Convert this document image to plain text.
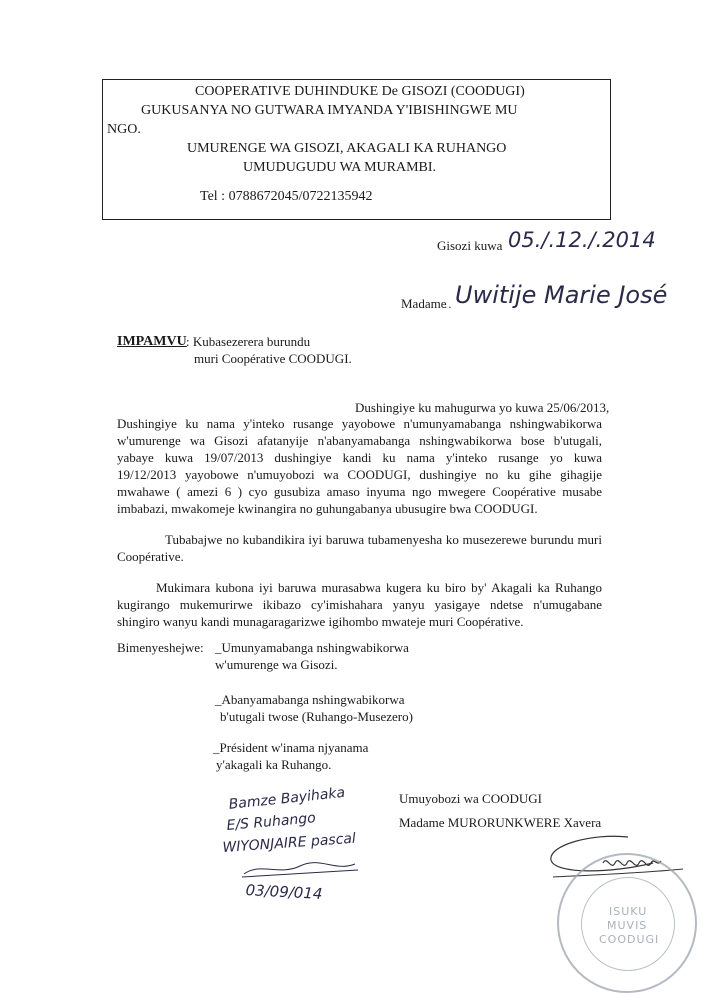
COOPERATIVE DUHINDUKE De GISOZI (COODUGI)
GUKUSANYA NO GUTWARA IMYANDA Y'IBISHINGWE MU
NGO.
UMURENGE WA GISOZI, AKAGALI KA RUHANGO
UMUDUGUDU WA MURAMBI.
Tel : 0788672045/0722135942
Gisozi kuwa 05./.12./.2014
Madame
.. Uwitije Marie José
IMPAMVU : Kubasezerera burundu
muri Coopérative COODUGI.
Dushingiye ku mahugurwa yo kuwa 25/06/2013,
Dushingiye ku nama y'inteko rusange yayobowe n'umunyamabanga nshingwabikorwa
w'umurenge wa Gisozi afatanyije n'abanyamabanga nshingwabikorwa bose b'utugali,
yabaye kuwa 19/07/2013 dushingiye kandi ku nama y'inteko rusange yo kuwa
19/12/2013 yayobowe n'umuyobozi wa COODUGI, dushingiye no ku gihe gihagije
mwahawe ( amezi 6 ) cyo gusubiza amaso inyuma ngo mwegere Coopérative musabe
imbabazi, mwakomeje kwinangira no guhungabanya ubusugire bwa COODUGI.
Tubabajwe no kubandikira iyi baruwa tubamenyesha ko musezerewe burundu muri
Coopérative.
Mukimara kubona iyi baruwa murasabwa kugera ku biro by' Akagali ka Ruhango
kugirango mukemurirwe ikibazo cy'imishahara yanyu yasigaye ndetse n'umugabane
shingiro wanyu kandi munagaragarizwe igihombo mwateje muri Coopérative.
Bimenyeshejwe: _Umunyamabanga nshingwabikorwa
w'umurenge wa Gisozi.
_Abanyamabanga nshingwabikorwa
b'utugali twose (Ruhango-Musezero)
_Président w'inama njyanama
y'akagali ka Ruhango.
Umuyobozi wa COODUGI
Madame MURORUNKWERE Xavera
Bamze Bayihaka
E/S Ruhango
WIYONJAIRE pascal
03/09/014
ISUKU
MUVIS
COODUGI
